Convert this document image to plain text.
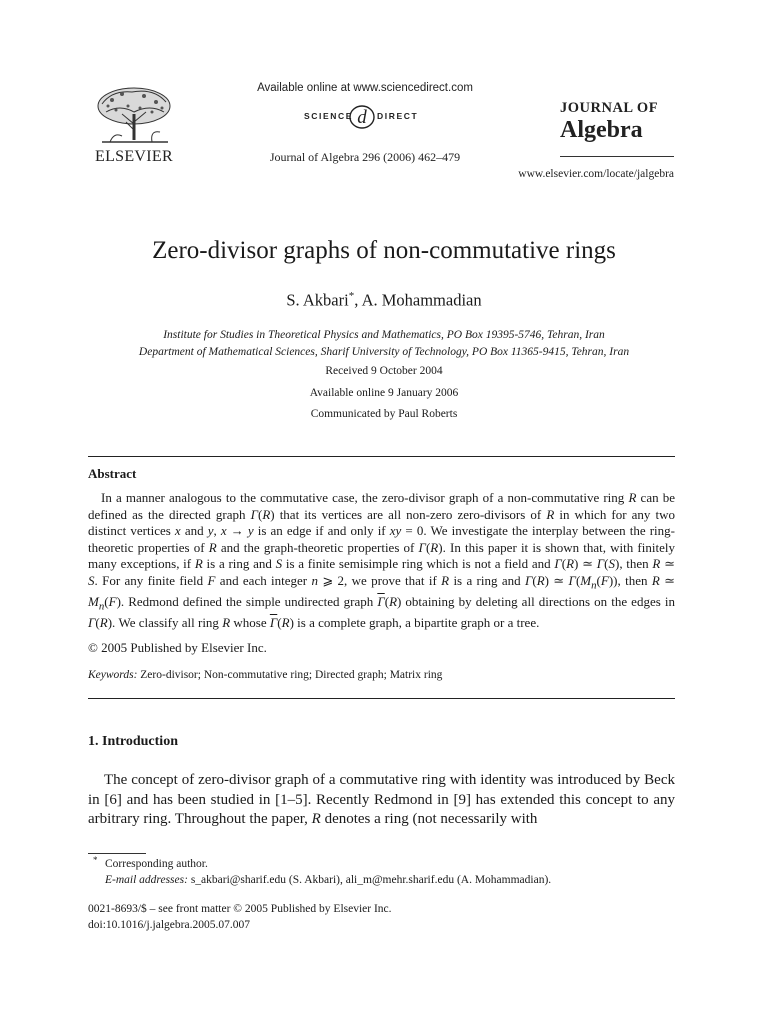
ELSEVIER
Available online at www.sciencedirect.com
SCIENCE d DIRECT
Journal of Algebra 296 (2006) 462–479
JOURNAL OF
Algebra
www.elsevier.com/locate/jalgebra
Zero-divisor graphs of non-commutative rings
S. Akbari*, A. Mohammadian
Institute for Studies in Theoretical Physics and Mathematics, PO Box 19395-5746, Tehran, Iran
Department of Mathematical Sciences, Sharif University of Technology, PO Box 11365-9415, Tehran, Iran
Received 9 October 2004
Available online 9 January 2006
Communicated by Paul Roberts
Abstract

In a manner analogous to the commutative case, the zero-divisor graph of a non-commutative ring R can be defined as the directed graph Γ(R) that its vertices are all non-zero zero-divisors of R in which for any two distinct vertices x and y, x → y is an edge if and only if xy = 0. We investigate the interplay between the ring-theoretic properties of R and the graph-theoretic properties of Γ(R). In this paper it is shown that, with finitely many exceptions, if R is a ring and S is a finite semisimple ring which is not a field and Γ(R) ≃ Γ(S), then R ≃ S. For any finite field F and each integer n ⩾ 2, we prove that if R is a ring and Γ(R) ≃ $\Gamma(M_n(F))$, then R ≃ $M_n(F)$. Redmond defined the simple undirected graph $\overline{\Gamma}(R)$ obtaining by deleting all directions on the edges in Γ(R). We classify all ring R whose $\overline{\Gamma}(R)$ is a complete graph, a bipartite graph or a tree.

© 2005 Published by Elsevier Inc.
Keywords: Zero-divisor; Non-commutative ring; Directed graph; Matrix ring
1. Introduction

The concept of zero-divisor graph of a commutative ring with identity was introduced by Beck in [6] and has been studied in [1–5]. Recently Redmond in [9] has extended this concept to any arbitrary ring. Throughout the paper, R denotes a ring (not necessarily with

* Corresponding author.
E-mail addresses: s_akbari@sharif.edu (S. Akbari), ali_m@mehr.sharif.edu (A. Mohammadian).
0021-8693/$ – see front matter © 2005 Published by Elsevier Inc.
doi:10.1016/j.jalgebra.2005.07.007
